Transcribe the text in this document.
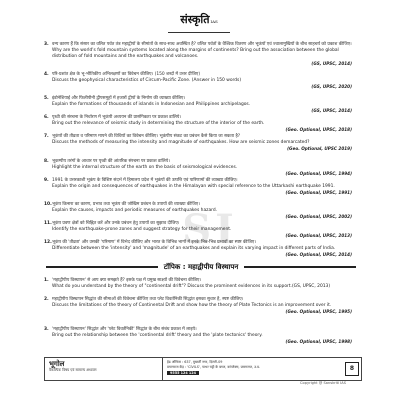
संस्कृतिIAS
SI
3. वन्य कारण हैं कि संसार का वलित पर्वत तंत्र महाद्वीपों के सीमांतों के साथ-साथ अवस्थित है? वलित पर्वतों के वैश्विक वितरण और भूकंपों एवं ज्वालामुखियों के बीच साहचर्य को प्रकाश कीजिए।
Why are the world's fold mountain systems located along the margins of continents? Bring out the association between the global distribution of fold mountains and the earthquakes and volcanoes.
(GS, UPSC, 2014)
4. परि-प्रशांत क्षेत्र के भू-भौतिकीय अभिलक्षणों का विवेचन कीजिए। (150 शब्दों में उत्तर दीजिए)
Discuss the geophysical characteristics of Circum-Pacific Zone. (Answer in 150 words)
(GS, UPSC, 2020)
5. इंडोनेशियाई और फिलीपीनी द्वीपसमूहों में हजारों द्वीपों के निर्माण की व्याख्या कीजिए।
Explain the formations of thousands of islands in Indonesian and Philippines archipelagos.
(GS, UPSC, 2014)
6. पृथ्वी की संरचना के निर्धारण में भूकंपी अध्ययन की प्रासंगिकता पर प्रकाश डालिये।
Bring out the relevance of seismic study in determining the structure of the interior of the earth.
(Geo. Optional, UPSC, 2018)
7. भूकंपों की तीव्रता व परिमाण मापने की विधियों का विवेचन कीजिए। भूकंपीय संकट का प्रबंधन कैसे किया जा सकता है?
Discuss the methods of measuring the intensity and magnitude of earthquakes. How are seismic zones demarcated?
(Geo. Optional, UPSC 2019)
8. भूकम्पीय तरंगों के आधार पर पृथ्वी की आंतरिक संरचना पर प्रकाश डालिये।
Highlight the internal structure of the earth on the basis of seismological evidences.
(Geo. Optional, UPSC, 1994)
9. 1991 के उत्तरकाशी भूकंप के विशिष्ट संदर्भ में हिमालय प्रदेश में भूकंपों की उत्पत्ति एवं पारिणामों की व्याख्या कीजिए।
Explain the origin and consequences of earthquakes in the Himalayan with special reference to the Uttarkashi earthquake 1991.
(Geo. Optional, UPSC, 1991)
10. भूकंप किनारा का कारण, प्रभाव तथा भूकंप की जोखिम प्रबंधन के उपायों की व्याख्या कीजिए।
Explain the causes, impacts and periodic measures of earthquakes hazard.
(Geo. Optional, UPSC, 2002)
11. भूकंप प्रवण क्षेत्रों को चिह्नित करें और उनके प्रबंधन हेतु उपायों का सुझाव दीजिए।
Identify the earthquake-prone zones and suggest strategy for their management.
(Geo. Optional, UPSC, 2013)
12. भूकंप की 'तीव्रता' और उसकी 'परिमाण' में विभेद कीजिए और भारत के विभिन्न भागों में इनके भिन्न-भिन्न प्रभावों का स्पष्ट कीजिए।
Differentiate between the 'intensity' and 'magnitude' of an earthquakes and explain its varying impact in different parts of India.
(Geo. Optional, UPSC, 2014)
टॉपिक : महाद्वीपीय विस्थापन
1. 'महाद्वीपीय विस्थापन' से आप क्या समझते हैं? इसके पक्ष में प्रमुख साक्ष्यों की विवेचना कीजिए।
What do you understand by the theory of "continental drift"? Discuss the prominent evidences in its support.(GS, UPSC, 2013)
2. महाद्वीपीय विस्थापन सिद्धांत की सीमाओं की विवेचना कीजिए तथा प्लेट विवर्तनिकी सिद्धांत इसका सुधार है, स्पष्ट कीजिए।
Discuss the limitations of the theory of Continental Drift and show how the theory of Plate Tectonics is an improvement over it.
(Geo. Optional, UPSC, 1995)
3. 'महाद्वीपीय विस्थापन' सिद्धांत और 'प्लेट विवर्तनिकी' सिद्धांत के बीच संबंध प्रकाश में लाइये।
Bring out the relationship between the 'continental drift' theory and the 'plate tectonics' theory.
(Geo. Optional, UPSC, 1998)
भूगोल
वैकल्पिक विषय एवं सामान्य अध्ययन
हेड ऑफिस : 637, मुखर्जी नगर, दिल्ली-09
प्रयागराज केंद्र : 'CIVILS', पत्थर चट्टी के बगल, कांप्लेक्स, प्रयागराज, उ.प्र.
9555 124 124
8
Copyright @ Sanskriti IAS
